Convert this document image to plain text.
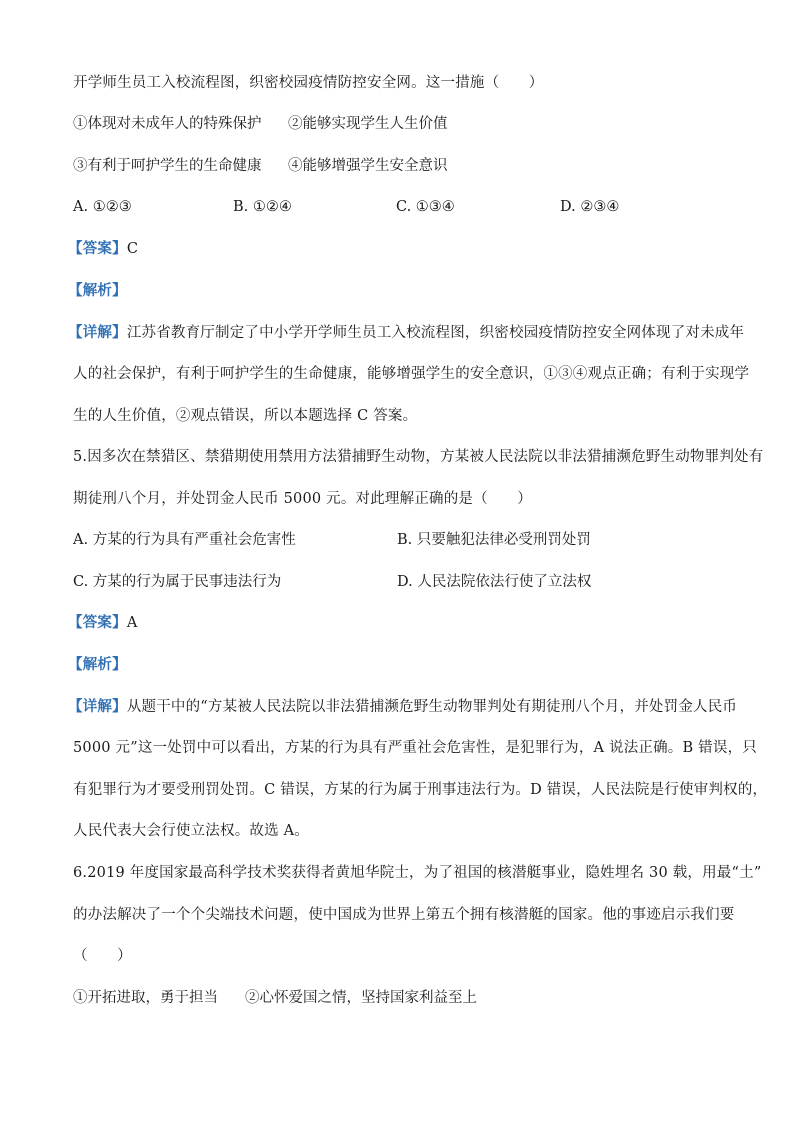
开学师生员工入校流程图，织密校园疫情防控安全网。这一措施（　　）
①体现对未成年人的特殊保护 ②能够实现学生人生价值
③有利于呵护学生的生命健康 ④能够增强学生安全意识
A. ①②③	B. ①②④	C. ①③④	D. ②③④
【答案】C
【解析】
【详解】江苏省教育厅制定了中小学开学师生员工入校流程图，织密校园疫情防控安全网体现了对未成年
人的社会保护，有利于呵护学生的生命健康，能够增强学生的安全意识，①③④观点正确；有利于实现学
生的人生价值，②观点错误，所以本题选择 C 答案。
5.因多次在禁猎区、禁猎期使用禁用方法猎捕野生动物，方某被人民法院以非法猎捕濒危野生动物罪判处有
期徒刑八个月，并处罚金人民币 5000 元。对此理解正确的是（　　）
A. 方某的行为具有严重社会危害性	B. 只要触犯法律必受刑罚处罚
C. 方某的行为属于民事违法行为	D. 人民法院依法行使了立法权
【答案】A
【解析】
【详解】从题干中的“方某被人民法院以非法猎捕濒危野生动物罪判处有期徒刑八个月，并处罚金人民币
5000 元”这一处罚中可以看出，方某的行为具有严重社会危害性，是犯罪行为，A 说法正确。B 错误，只
有犯罪行为才要受刑罚处罚。C 错误，方某的行为属于刑事违法行为。D 错误，人民法院是行使审判权的，
人民代表大会行使立法权。故选 A。
6.2019 年度国家最高科学技术奖获得者黄旭华院士，为了祖国的核潜艇事业，隐姓埋名 30 载，用最“土”
的办法解决了一个个尖端技术问题，使中国成为世界上第五个拥有核潜艇的国家。他的事迹启示我们要
（　　）
①开拓进取，勇于担当 ②心怀爱国之情，坚持国家利益至上
